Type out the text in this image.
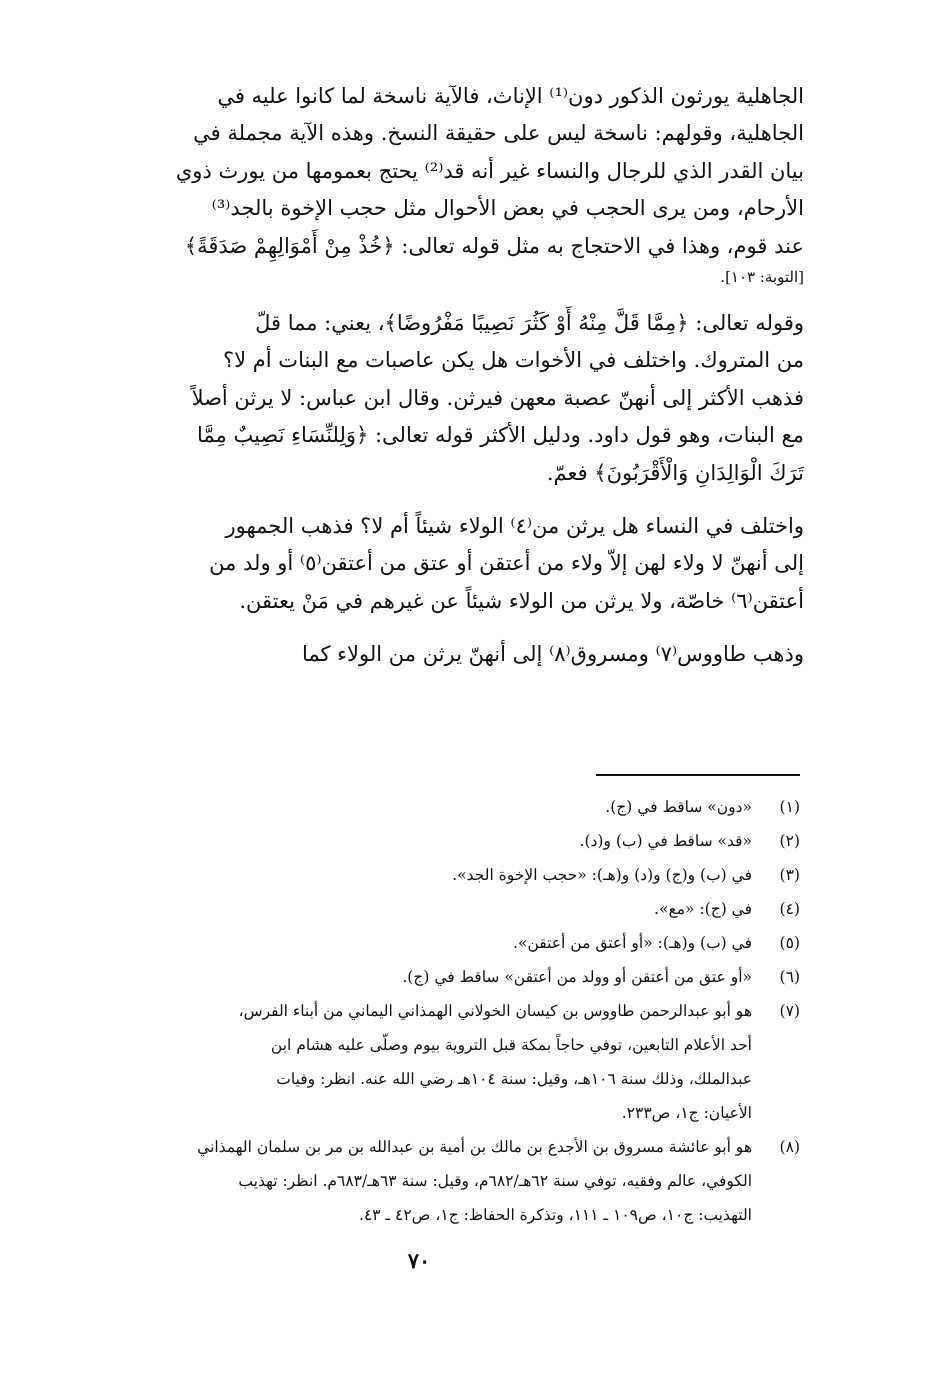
الجاهلية يورثون الذكور دون⁽¹⁾ الإناث، فالآية ناسخة لما كانوا عليه في
الجاهلية، وقولهم: ناسخة ليس على حقيقة النسخ. وهذه الآية مجملة في
بيان القدر الذي للرجال والنساء غير أنه قد⁽²⁾ يحتج بعمومها من يورث ذوي
الأرحام، ومن يرى الحجب في بعض الأحوال مثل حجب الإخوة بالجد⁽³⁾
عند قوم، وهذا في الاحتجاج به مثل قوله تعالى: ﴿خُذْ مِنْ أَمْوَالِهِمْ صَدَقَةً﴾
[التوبة: ١٠٣].
وقوله تعالى: ﴿مِمَّا قَلَّ مِنْهُ أَوْ كَثُرَ نَصِيبًا مَفْرُوضًا﴾، يعني: مما قلّ
من المتروك. واختلف في الأخوات هل يكن عاصبات مع البنات أم لا؟
فذهب الأكثر إلى أنهنّ عصبة معهن فيرثن. وقال ابن عباس: لا يرثن أصلاً
مع البنات، وهو قول داود. ودليل الأكثر قوله تعالى: ﴿وَلِلنِّسَاءِ نَصِيبٌ مِمَّا
تَرَكَ الْوَالِدَانِ وَالْأَقْرَبُونَ﴾ فعمّ.
واختلف في النساء هل يرثن من⁽٤⁾ الولاء شيئاً أم لا؟ فذهب الجمهور
إلى أنهنّ لا ولاء لهن إلاّ ولاء من أعتقن أو عتق من أعتقن⁽٥⁾ أو ولد من
أعتقن⁽٦⁾ خاصّة، ولا يرثن من الولاء شيئاً عن غيرهم في مَنْ يعتقن.
وذهب طاووس⁽٧⁾ ومسروق⁽٨⁾ إلى أنهنّ يرثن من الولاء كما
(١)
«دون» ساقط في (ج).
(٢)
«قد» ساقط في (ب) و(د).
(٣)
في (ب) و(ج) و(د) و(هـ): «حجب الإخوة الجد».
(٤)
في (ج): «مع».
(٥)
في (ب) و(هـ): «أو أعتق من أعتقن».
(٦)
«أو عتق من أعتقن أو وولد من أعتقن» ساقط في (ج).
(٧)
هو أبو عبدالرحمن طاووس بن كيسان الخولاني الهمذاني اليماني من أبناء الفرس،
أحد الأعلام التابعين، توفي حاجاً بمكة قبل التروية بيوم وصلّى عليه هشام ابن
عبدالملك، وذلك سنة ١٠٦هـ، وقيل: سنة ١٠٤هـ رضي الله عنه. انظر: وفيات
الأعيان: ج١، ص٢٣٣.
(٨)
هو أبو عائشة مسروق بن الأجدع بن مالك بن أمية بن عبدالله بن مر بن سلمان الهمذاني
الكوفي، عالم وفقيه، توفي سنة ٦٢هـ/٦٨٢م، وقيل: سنة ٦٣هـ/٦٨٣م. انظر: تهذيب
التهذيب: ج١٠، ص١٠٩ ـ ١١١، وتذكرة الحفاظ: ج١، ص٤٢ ـ ٤٣.
٧٠
